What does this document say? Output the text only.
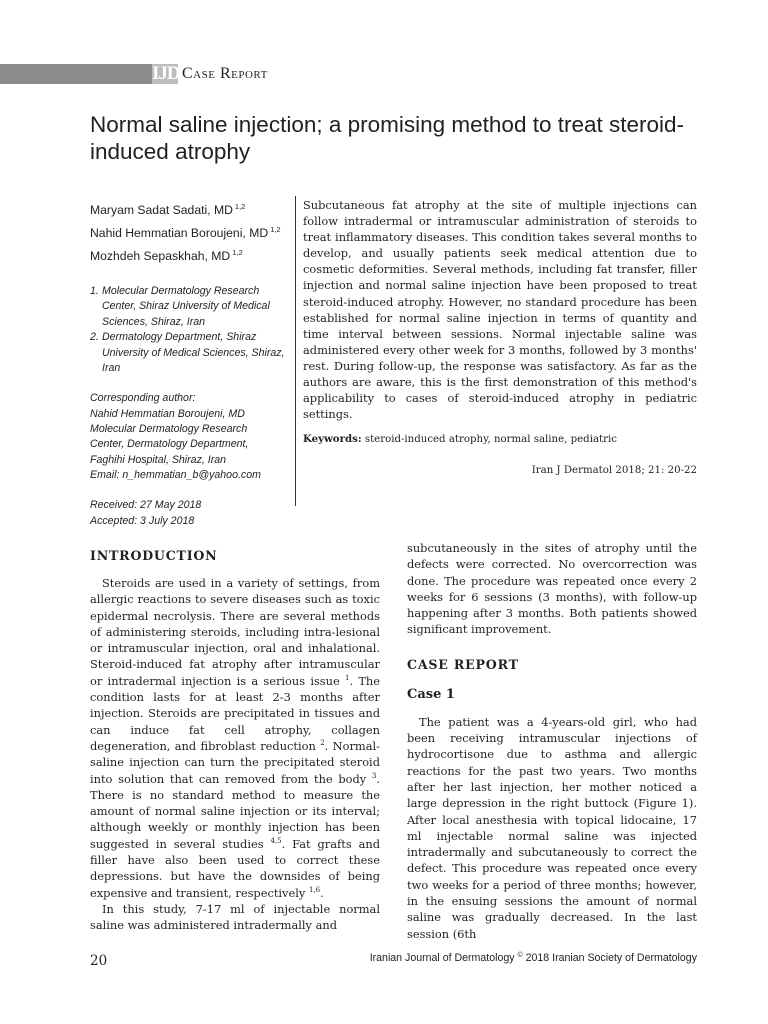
IJD Case Report
Normal saline injection; a promising method to treat steroid-induced atrophy
Maryam Sadat Sadati, MD $^{1,2}$
Nahid Hemmatian Boroujeni, MD $^{1,2}$
Mozhdeh Sepaskhah, MD $^{1,2}$
1. Molecular Dermatology Research Center, Shiraz University of Medical Sciences, Shiraz, Iran
2. Dermatology Department, Shiraz University of Medical Sciences, Shiraz, Iran
Corresponding author:
Nahid Hemmatian Boroujeni, MD
Molecular Dermatology Research
Center, Dermatology Department,
Faghihi Hospital, Shiraz, Iran
Email: n_hemmatian_b@yahoo.com
Received: 27 May 2018
Accepted: 3 July 2018

Subcutaneous fat atrophy at the site of multiple injections can follow intradermal or intramuscular administration of steroids to treat inflammatory diseases. This condition takes several months to develop, and usually patients seek medical attention due to cosmetic deformities. Several methods, including fat transfer, filler injection and normal saline injection have been proposed to treat steroid-induced atrophy. However, no standard procedure has been established for normal saline injection in terms of quantity and time interval between sessions. Normal injectable saline was administered every other week for 3 months, followed by 3 months' rest. During follow-up, the response was satisfactory. As far as the authors are aware, this is the first demonstration of this method's applicability to cases of steroid-induced atrophy in pediatric settings.

Keywords: steroid-induced atrophy, normal saline, pediatric
Iran J Dermatol 2018; 21: 20-22
INTRODUCTION

Steroids are used in a variety of settings, from allergic reactions to severe diseases such as toxic epidermal necrolysis. There are several methods of administering steroids, including intra-lesional or intramuscular injection, oral and inhalational. Steroid-induced fat atrophy after intramuscular or intradermal injection is a serious issue $^1$. The condition lasts for at least 2-3 months after injection. Steroids are precipitated in tissues and can induce fat cell atrophy, collagen degeneration, and fibroblast reduction $^2$. Normal-saline injection can turn the precipitated steroid into solution that can removed from the body $^3$. There is no standard method to measure the amount of normal saline injection or its interval; although weekly or monthly injection has been suggested in several studies $^{4,5}$. Fat grafts and filler have also been used to correct these depressions. but have the downsides of being expensive and transient, respectively $^{1,6}$.

In this study, 7-17 ml of injectable normal saline was administered intradermally and

subcutaneously in the sites of atrophy until the defects were corrected. No overcorrection was done. The procedure was repeated once every 2 weeks for 6 sessions (3 months), with follow-up happening after 3 months. Both patients showed significant improvement.

CASE REPORT
Case 1

The patient was a 4-years-old girl, who had been receiving intramuscular injections of hydrocortisone due to asthma and allergic reactions for the past two years. Two months after her last injection, her mother noticed a large depression in the right buttock (Figure 1). After local anesthesia with topical lidocaine, 17 ml injectable normal saline was injected intradermally and subcutaneously to correct the defect. This procedure was repeated once every two weeks for a period of three months; however, in the ensuing sessions the amount of normal saline was gradually decreased. In the last session (6th

20	Iranian Journal of Dermatology © 2018 Iranian Society of Dermatology
